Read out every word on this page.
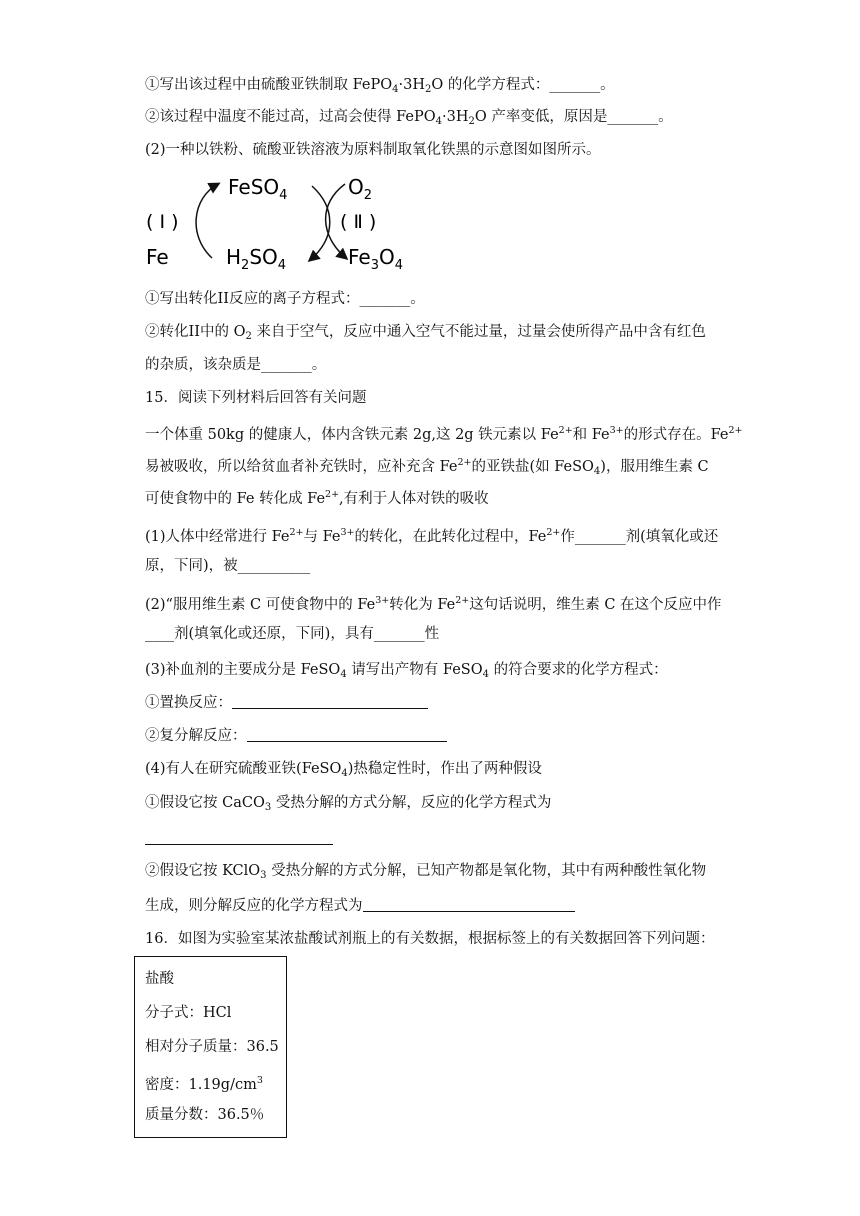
①写出该过程中由硫酸亚铁制取 $FePO_4\cdot 3H_2O$ 的化学方程式：_______。
②该过程中温度不能过高，过高会使得 $FePO_4\cdot 3H_2O$ 产率变低，原因是_______。
(2)一种以铁粉、硫酸亚铁溶液为原料制取氧化铁黑的示意图如图所示。
FeSO$_4$	$O_2$
( Ⅰ )	( Ⅱ )
Fe	$H_2SO_4$	$Fe_3O_4$
①写出转化II反应的离子方程式：_______。
②转化II中的 $O_2$ 来自于空气，反应中通入空气不能过量，过量会使所得产品中含有红色
的杂质，该杂质是_______。
15．阅读下列材料后回答有关问题
一个体重 50kg 的健康人，体内含铁元素 2g,这 2g 铁元素以 $Fe^{2+}$和 $Fe^{3+}$的形式存在。$Fe^{2+}$
易被吸收，所以给贫血者补充铁时，应补充含 $Fe^{2+}$的亚铁盐(如 FeSO$_4$)，服用维生素 C
可使食物中的 Fe 转化成 $Fe^{2+}$,有利于人体对铁的吸收
(1)人体中经常进行 $Fe^{2+}$与 $Fe^{3+}$的转化，在此转化过程中，$Fe^{2+}$作_______剂(填氧化或还
原，下同)，被__________
(2)“服用维生素 C 可使食物中的 $Fe^{3+}$转化为 $Fe^{2+}$这句话说明，维生素 C 在这个反应中作
____剂(填氧化或还原，下同)，具有_______性
(3)补血剂的主要成分是 FeSO$_4$ 请写出产物有 FeSO$_4$ 的符合要求的化学方程式：
①置换反应：
②复分解反应：
(4)有人在研究硫酸亚铁(FeSO$_4$)热稳定性时，作出了两种假设
①假设它按 CaCO$_3$ 受热分解的方式分解，反应的化学方程式为
②假设它按 KClO$_3$ 受热分解的方式分解，已知产物都是氧化物，其中有两种酸性氧化物
生成，则分解反应的化学方程式为
16．如图为实验室某浓盐酸试剂瓶上的有关数据，根据标签上的有关数据回答下列问题：
盐酸
分子式：HCl
相对分子质量：36.5
密度：$1.19g/cm^3$
质量分数：36.5％
